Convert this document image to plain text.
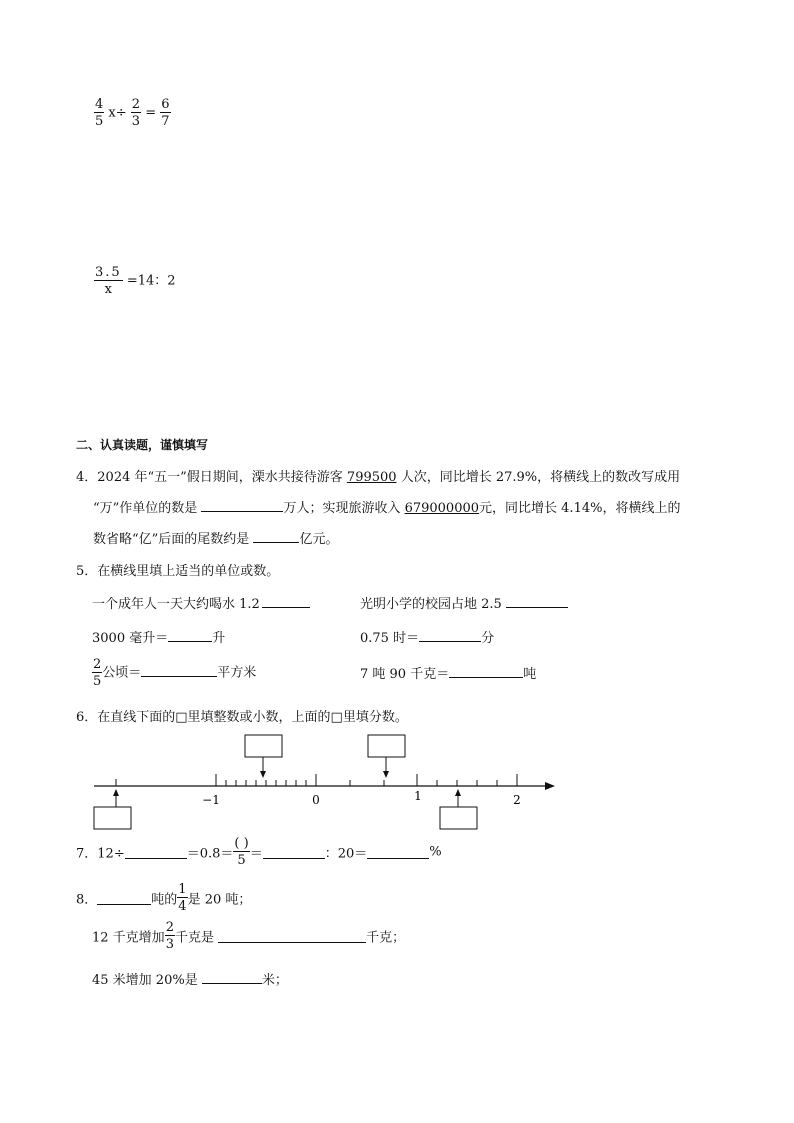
$\frac{4}{5} x\div \frac{2}{3} = \frac{6}{7}$
$\frac{3.5}{x} =14$：2
二、认真读题，谨慎填写
4．2024 年“五一”假日期间，溧水共接待游客 799500 人次，同比增长 27.9%，将横线上的数改写成用
“万”作单位的数是	万人；实现旅游收入 679000000元，同比增长 4.14%，将横线上的
数省略“亿”后面的尾数约是	亿元。
5．在横线里填上适当的单位或数。
一个成年人一天大约喝水 1.2	光明小学的校园占地 2.5
3000 毫升＝	升	0.75 时＝	分
$\frac{2}{5}$ 公顷＝	平方米	7 吨 90 千克＝	吨
6．在直线下面的□里填整数或小数，上面的□里填分数。
−1	0	1	2
7．12÷	$=0.8= \frac{( )}{5}$ ＝	：20＝	%
8．	吨的 $\frac{1}{4}$ 是 20 吨；
12 千克增加 $\frac{2}{3}$ 千克是	千克；
45 米增加 20%是	米；
